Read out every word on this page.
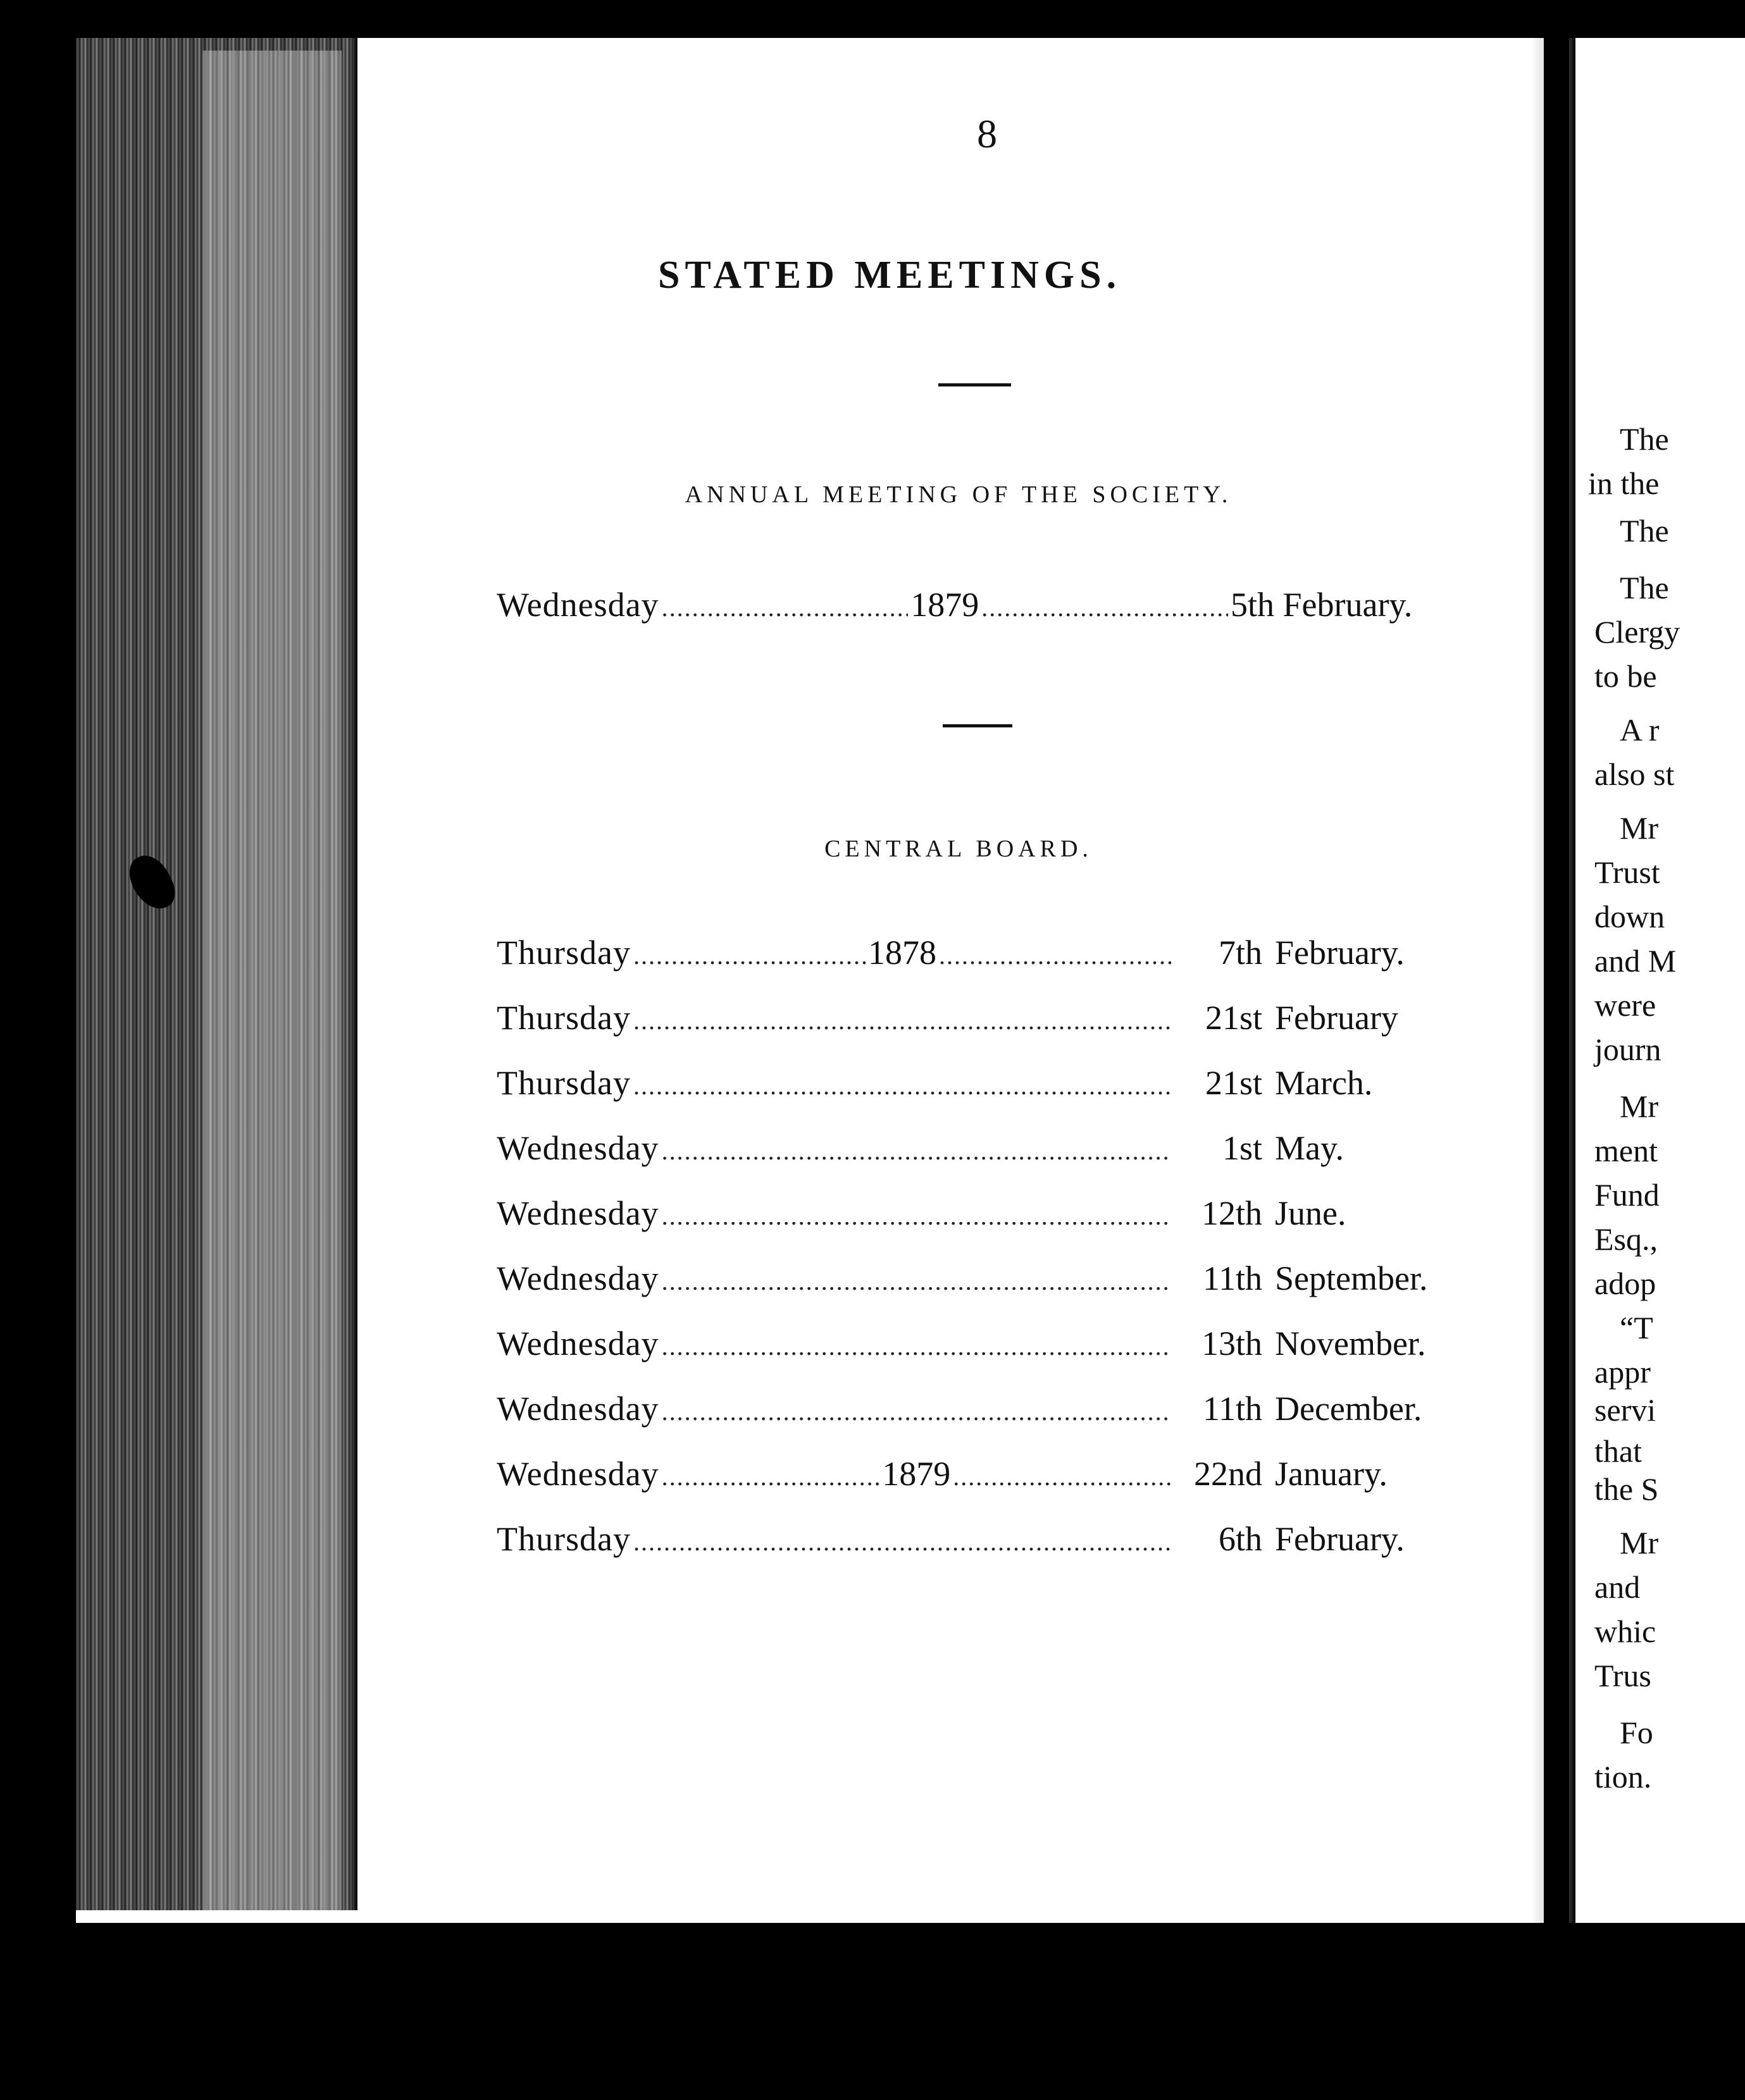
8
STATED MEETINGS.
ANNUAL MEETING OF THE SOCIETY.
Wednesday .....	1879 .....	5th February.
CENTRAL BOARD.
Thursday .....	1878 .....	7th February.
Thursday .....	21st February
Thursday .....	21st March.
Wednesday .....	1st May.
Wednesday .....	12th June.
Wednesday .....	11th September.
Wednesday .....	13th November.
Wednesday .....	11th December.
Wednesday .....	1879 .....	22nd January.
Thursday .....	6th February.
The
in the
The
The
Clergy
to be
A r
also st
Mr
Trust
down
and M
were
journ
Mr
ment
Fund
Esq.,
adop
“T
appr
servi
that
the S
Mr
and
whic
Trus
Fo
tion.
